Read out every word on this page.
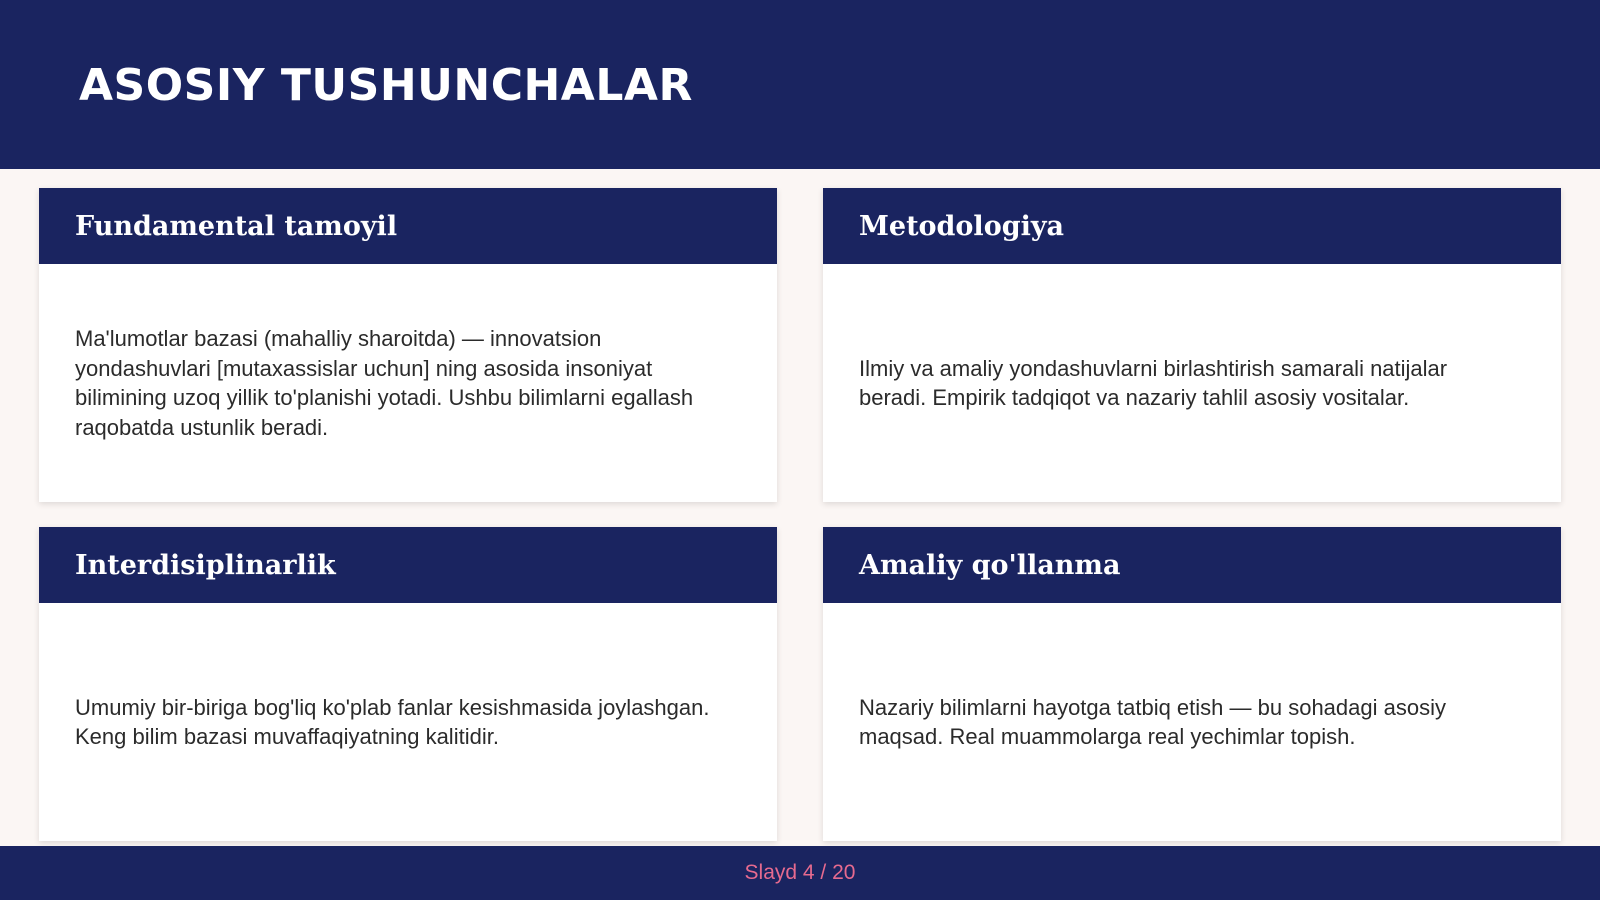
ASOSIY TUSHUNCHALAR
Fundamental tamoyil

Ma'lumotlar bazasi (mahalliy sharoitda) — innovatsion yondashuvlari [mutaxassislar uchun] ning asosida insoniyat bilimining uzoq yillik to'planishi yotadi. Ushbu bilimlarni egallash raqobatda ustunlik beradi.

Metodologiya

Ilmiy va amaliy yondashuvlarni birlashtirish samarali natijalar beradi. Empirik tadqiqot va nazariy tahlil asosiy vositalar.

Interdisiplinarlik

Umumiy bir-biriga bog'liq ko'plab fanlar kesishmasida joylashgan. Keng bilim bazasi muvaffaqiyatning kalitidir.

Amaliy qo'llanma

Nazariy bilimlarni hayotga tatbiq etish — bu sohadagi asosiy maqsad. Real muammolarga real yechimlar topish.

Slayd 4 / 20
